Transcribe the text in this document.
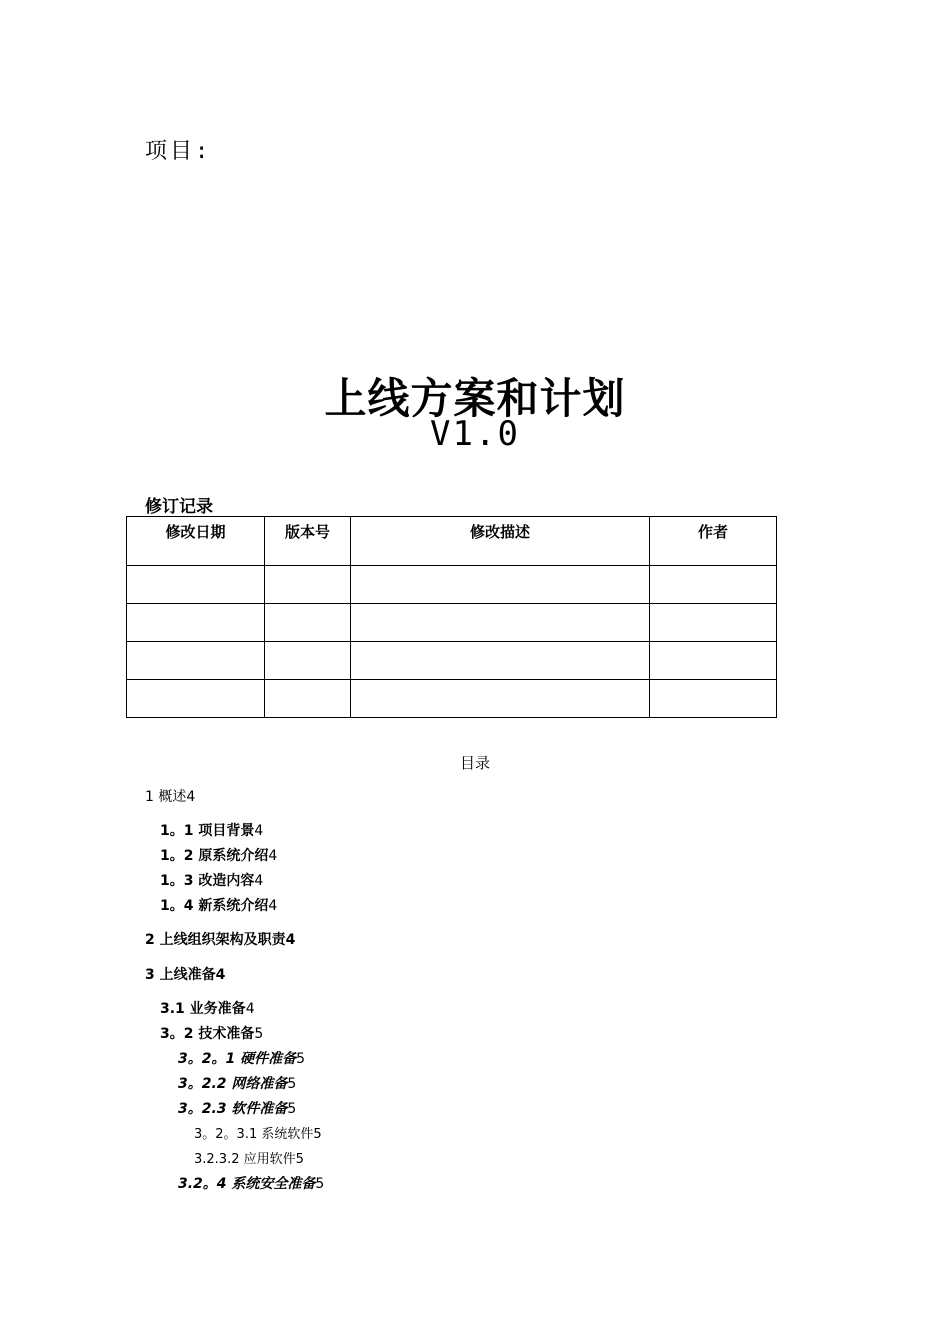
项目:
上线方案和计划
V1.0
修订记录
修改日期	版本号	修改描述	作者

目录
1 概述4
1。1 项目背景4
1。2 原系统介绍4
1。3 改造内容4
1。4 新系统介绍4
2 上线组织架构及职责4
3 上线准备4
3.1 业务准备4
3。2 技术准备5
3。2。1 硬件准备5
3。2.2 网络准备5
3。2.3 软件准备5
3。2。3.1 系统软件5
3.2.3.2 应用软件5
3.2。4 系统安全准备5
